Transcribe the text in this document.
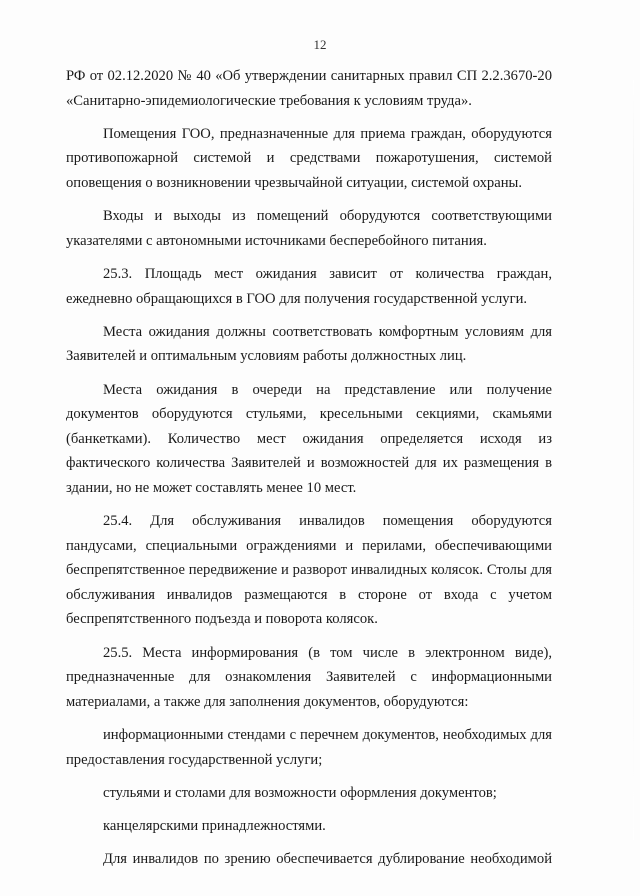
12

РФ от 02.12.2020 № 40 «Об утверждении санитарных правил СП 2.2.3670-20 «Санитарно-эпидемиологические требования к условиям труда».

Помещения ГОО, предназначенные для приема граждан, оборудуются противопожарной системой и средствами пожаротушения, системой оповещения о возникновении чрезвычайной ситуации, системой охраны.

Входы и выходы из помещений оборудуются соответствующими указателями с автономными источниками бесперебойного питания.

25.3. Площадь мест ожидания зависит от количества граждан, ежедневно обращающихся в ГОО для получения государственной услуги.

Места ожидания должны соответствовать комфортным условиям для Заявителей и оптимальным условиям работы должностных лиц.

Места ожидания в очереди на представление или получение документов оборудуются стульями, кресельными секциями, скамьями (банкетками). Количество мест ожидания определяется исходя из фактического количества Заявителей и возможностей для их размещения в здании, но не может составлять менее 10 мест.

25.4. Для обслуживания инвалидов помещения оборудуются пандусами, специальными ограждениями и перилами, обеспечивающими беспрепятственное передвижение и разворот инвалидных колясок. Столы для обслуживания инвалидов размещаются в стороне от входа с учетом беспрепятственного подъезда и поворота колясок.

25.5. Места информирования (в том числе в электронном виде), предназначенные для ознакомления Заявителей с информационными материалами, а также для заполнения документов, оборудуются:

информационными стендами с перечнем документов, необходимых для предоставления государственной услуги;

стульями и столами для возможности оформления документов;

канцелярскими принадлежностями.

Для инвалидов по зрению обеспечивается дублирование необходимой
